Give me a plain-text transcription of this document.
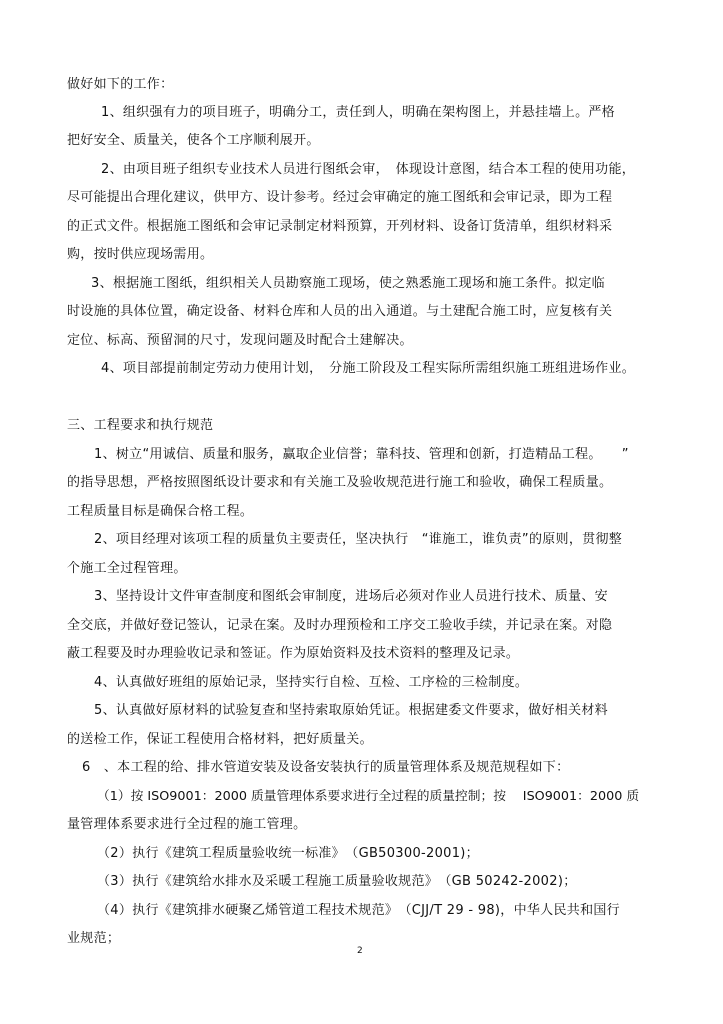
做好如下的工作：
1、组织强有力的项目班子，明确分工，责任到人，明确在架构图上，并悬挂墙上。严格
把好安全、质量关，使各个工序顺利展开。
2、由项目班子组织专业技术人员进行图纸会审，　体现设计意图，结合本工程的使用功能，
尽可能提出合理化建议，供甲方、设计参考。经过会审确定的施工图纸和会审记录，即为工程
的正式文件。根据施工图纸和会审记录制定材料预算，开列材料、设备订货清单，组织材料采
购，按时供应现场需用。
3、根据施工图纸，组织相关人员勘察施工现场，使之熟悉施工现场和施工条件。拟定临
时设施的具体位置，确定设备、材料仓库和人员的出入通道。与土建配合施工时，应复核有关
定位、标高、预留洞的尺寸，发现问题及时配合土建解决。
4、项目部提前制定劳动力使用计划，　分施工阶段及工程实际所需组织施工班组进场作业。
三、工程要求和执行规范
1、树立“用诚信、质量和服务，赢取企业信誉；靠科技、管理和创新，打造精品工程。　　”
的指导思想，严格按照图纸设计要求和有关施工及验收规范进行施工和验收，确保工程质量。
工程质量目标是确保合格工程。
2、项目经理对该项工程的质量负主要责任，坚决执行　“谁施工，谁负责”的原则，贯彻整
个施工全过程管理。
3、坚持设计文件审查制度和图纸会审制度，进场后必须对作业人员进行技术、质量、安
全交底，并做好登记签认，记录在案。及时办理预检和工序交工验收手续，并记录在案。对隐
蔽工程要及时办理验收记录和签证。作为原始资料及技术资料的整理及记录。
4、认真做好班组的原始记录，坚持实行自检、互检、工序检的三检制度。
5、认真做好原材料的试验复查和坚持索取原始凭证。根据建委文件要求，做好相关材料
的送检工作，保证工程使用合格材料，把好质量关。
6　、本工程的给、排水管道安装及设备安装执行的质量管理体系及规范规程如下：
（1）按 ISO9001：2000 质量管理体系要求进行全过程的质量控制；按　 ISO9001：2000 质
量管理体系要求进行全过程的施工管理。
（2）执行《建筑工程质量验收统一标准》　（GB50300-2001)；
（3）执行《建筑给水排水及采暖工程施工质量验收规范》　（GB 50242-2002)；
（4）执行《建筑排水硬聚乙烯管道工程技术规范》　（CJJ/T 29 - 98)，中华人民共和国行
业规范；
2
